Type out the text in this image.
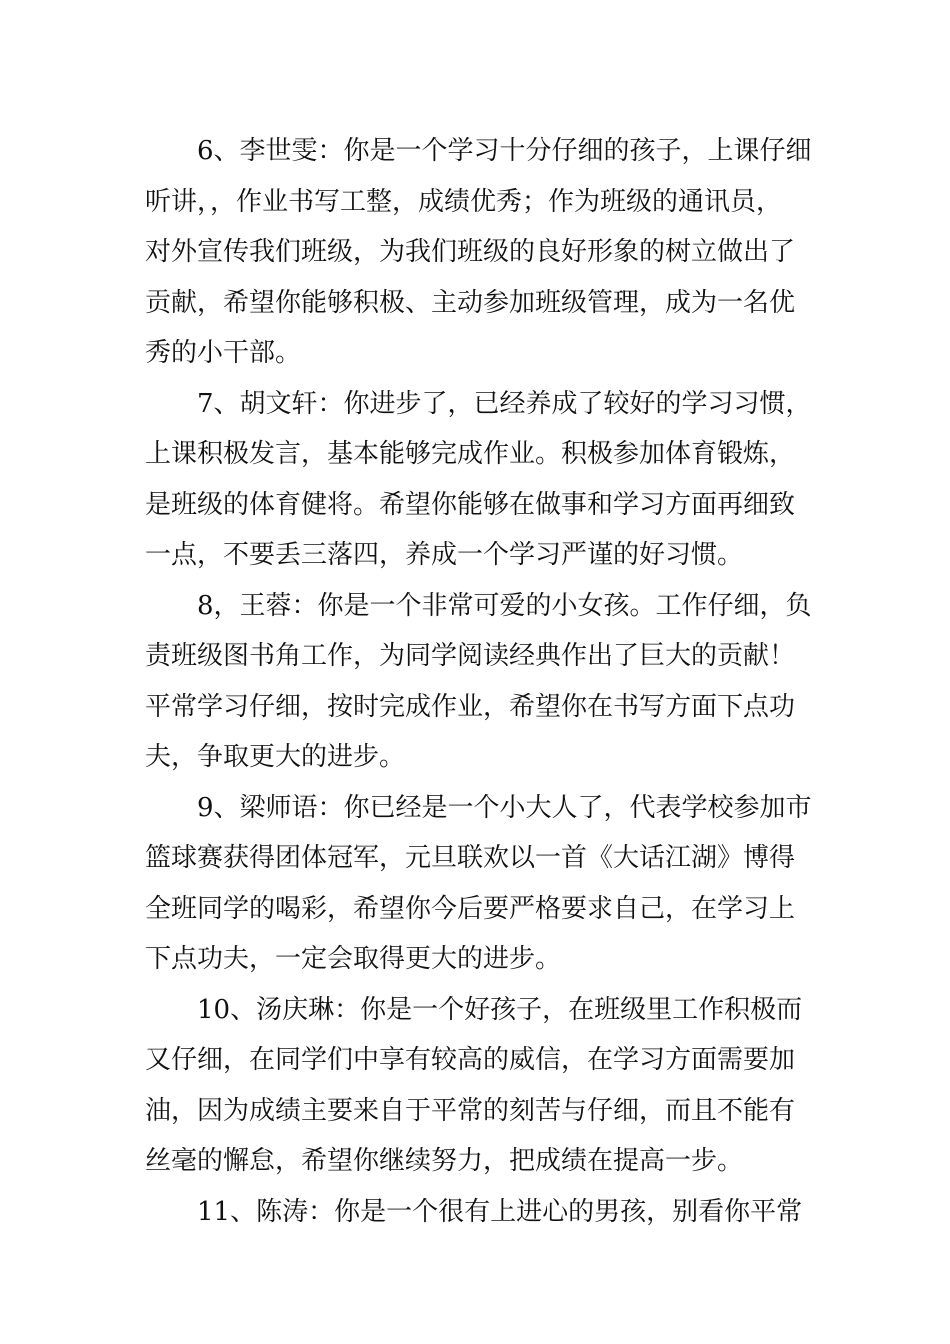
6、李世雯：你是一个学习十分仔细的孩子，上课仔细
听讲，，作业书写工整，成绩优秀；作为班级的通讯员，
对外宣传我们班级，为我们班级的良好形象的树立做出了
贡献，希望你能够积极、主动参加班级管理，成为一名优
秀的小干部。

7、胡文轩：你进步了，已经养成了较好的学习习惯，
上课积极发言，基本能够完成作业。积极参加体育锻炼，
是班级的体育健将。希望你能够在做事和学习方面再细致
一点，不要丢三落四，养成一个学习严谨的好习惯。

8，王蓉：你是一个非常可爱的小女孩。工作仔细，负
责班级图书角工作，为同学阅读经典作出了巨大的贡献！
平常学习仔细，按时完成作业，希望你在书写方面下点功
夫，争取更大的进步。

9、梁师语：你已经是一个小大人了，代表学校参加市
篮球赛获得团体冠军，元旦联欢以一首《大话江湖》博得
全班同学的喝彩，希望你今后要严格要求自己，在学习上
下点功夫，一定会取得更大的进步。

10、汤庆琳：你是一个好孩子，在班级里工作积极而
又仔细，在同学们中享有较高的威信，在学习方面需要加
油，因为成绩主要来自于平常的刻苦与仔细，而且不能有
丝毫的懈怠，希望你继续努力，把成绩在提高一步。

11、陈涛：你是一个很有上进心的男孩，别看你平常
